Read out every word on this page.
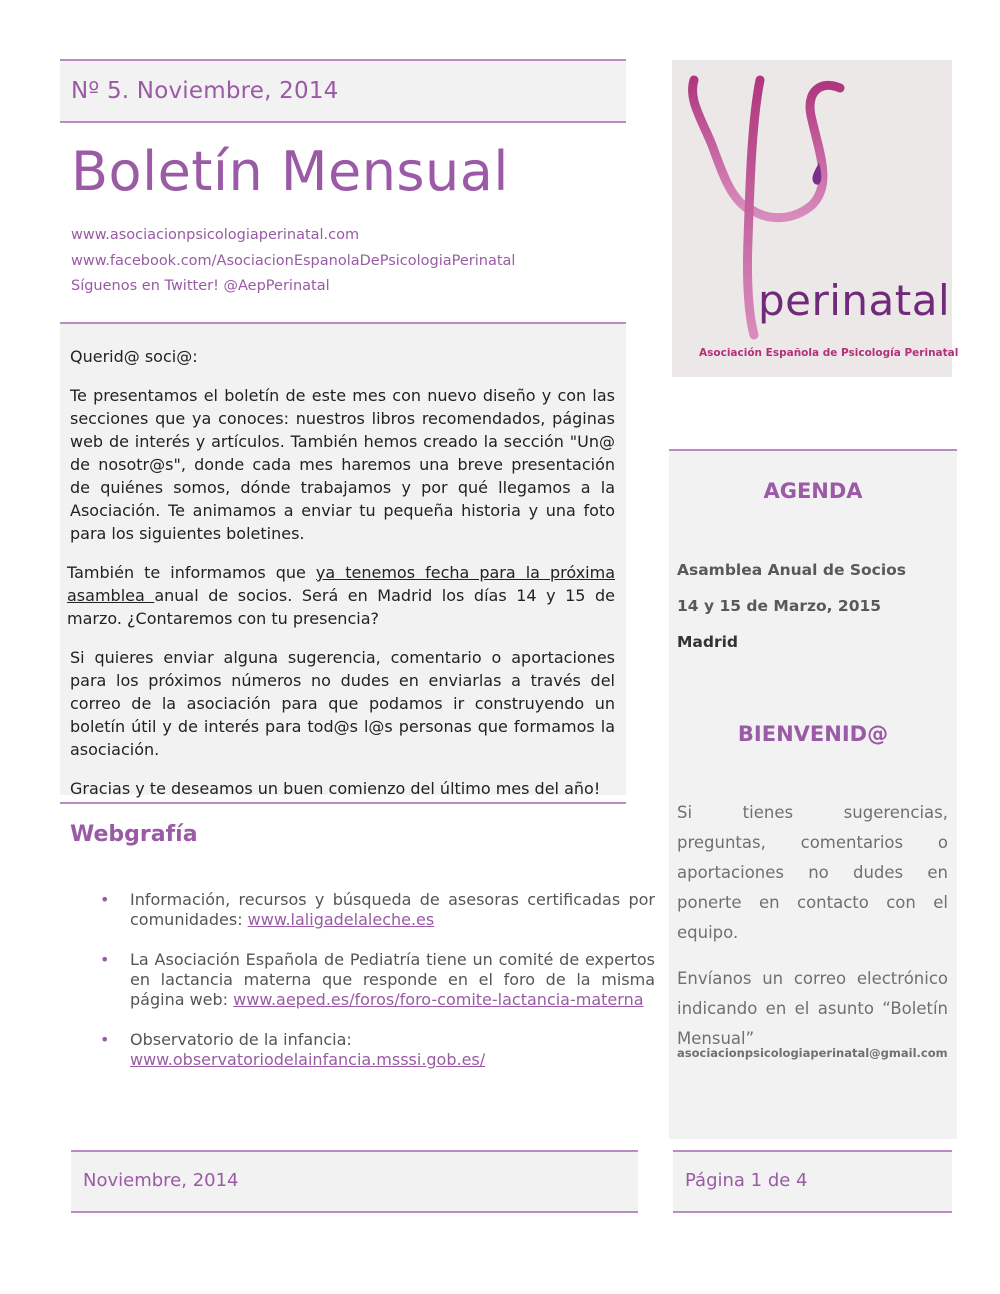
Nº 5. Noviembre, 2014
Boletín Mensual
www.asociacionpsicologiaperinatal.com
www.facebook.com/AsociacionEspanolaDePsicologiaPerinatal
Síguenos en Twitter! @AepPerinatal

Querid@ soci@:

Te presentamos el boletín de este mes con nuevo diseño y con las secciones que ya conoces: nuestros libros recomendados, páginas web de interés y artículos. También hemos creado la sección "Un@ de nosotr@s", donde cada mes haremos una breve presentación de quiénes somos, dónde trabajamos y por qué llegamos a la Asociación. Te animamos a enviar tu pequeña historia y una foto para los siguientes boletines.

También te informamos que ya tenemos fecha para la próxima asamblea anual de socios. Será en Madrid los días 14 y 15 de marzo. ¿Contaremos con tu presencia?

Si quieres enviar alguna sugerencia, comentario o aportaciones para los próximos números no dudes en enviarlas a través del correo de la asociación para que podamos ir construyendo un boletín útil y de interés para tod@s l@s personas que formamos la asociación.

Gracias y te deseamos un buen comienzo del último mes del año!

Webgrafía
• Información, recursos y búsqueda de asesoras certificadas por comunidades: www.laligadelaleche.es
• La Asociación Española de Pediatría tiene un comité de expertos en lactancia materna que responde en el foro de la misma página web: www.aeped.es/foros/foro-comite-lactancia-materna
• Observatorio de la infancia:
www.observatoriodelainfancia.msssi.gob.es/
perinatal
Asociación Española de Psicología Perinatal
AGENDA
Asamblea Anual de Socios
14 y 15 de Marzo, 2015
Madrid
BIENVENID@

Si tienes sugerencias, preguntas, comentarios o aportaciones no dudes en ponerte en contacto con el equipo.

Envíanos un correo electrónico indicando en el asunto “Boletín Mensual”

asociacionpsicologiaperinatal@gmail.com
Noviembre, 2014	Página 1 de 4
